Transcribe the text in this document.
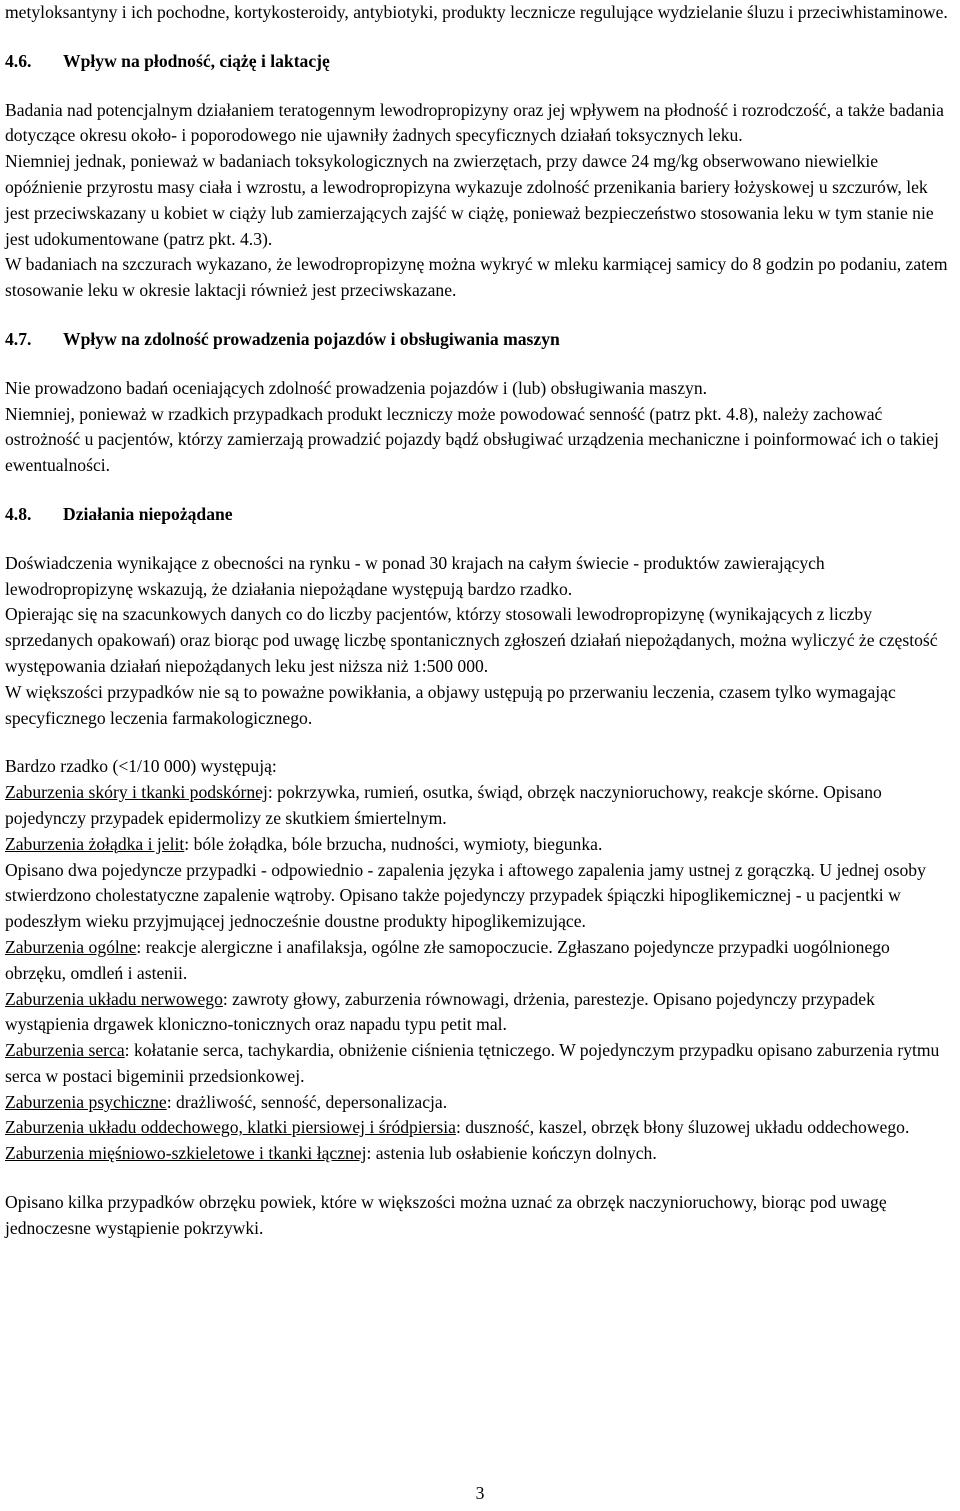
metyloksantyny i ich pochodne, kortykosteroidy, antybiotyki, produkty lecznicze regulujące wydzielanie śluzu i przeciwhistaminowe.

4.6. Wpływ na płodność, ciążę i laktację

Badania nad potencjalnym działaniem teratogennym lewodropropizyny oraz jej wpływem na płodność i rozrodczość, a także badania dotyczące okresu około- i poporodowego nie ujawniły żadnych specyficznych działań toksycznych leku.

Niemniej jednak, ponieważ w badaniach toksykologicznych na zwierzętach, przy dawce 24 mg/kg obserwowano niewielkie opóźnienie przyrostu masy ciała i wzrostu, a lewodropropizyna wykazuje zdolność przenikania bariery łożyskowej u szczurów, lek jest przeciwskazany u kobiet w ciąży lub zamierzających zajść w ciążę, ponieważ bezpieczeństwo stosowania leku w tym stanie nie jest udokumentowane (patrz pkt. 4.3).

W badaniach na szczurach wykazano, że lewodropropizynę można wykryć w mleku karmiącej samicy do 8 godzin po podaniu, zatem stosowanie leku w okresie laktacji również jest przeciwskazane.

4.7. Wpływ na zdolność prowadzenia pojazdów i obsługiwania maszyn

Nie prowadzono badań oceniających zdolność prowadzenia pojazdów i (lub) obsługiwania maszyn.

Niemniej, ponieważ w rzadkich przypadkach produkt leczniczy może powodować senność (patrz pkt. 4.8), należy zachować ostrożność u pacjentów, którzy zamierzają prowadzić pojazdy bądź obsługiwać urządzenia mechaniczne i poinformować ich o takiej ewentualności.

4.8. Działania niepożądane

Doświadczenia wynikające z obecności na rynku - w ponad 30 krajach na całym świecie - produktów zawierających lewodropropizynę wskazują, że działania niepożądane występują bardzo rzadko.

Opierając się na szacunkowych danych co do liczby pacjentów, którzy stosowali lewodropropizynę (wynikających z liczby sprzedanych opakowań) oraz biorąc pod uwagę liczbę spontanicznych zgłoszeń działań niepożądanych, można wyliczyć że częstość występowania działań niepożądanych leku jest niższa niż 1:500 000.

W większości przypadków nie są to poważne powikłania, a objawy ustępują po przerwaniu leczenia, czasem tylko wymagając specyficznego leczenia farmakologicznego.

Bardzo rzadko (<1/10 000) występują:

Zaburzenia skóry i tkanki podskórnej: pokrzywka, rumień, osutka, świąd, obrzęk naczynioruchowy, reakcje skórne. Opisano pojedynczy przypadek epidermolizy ze skutkiem śmiertelnym.

Zaburzenia żołądka i jelit: bóle żołądka, bóle brzucha, nudności, wymioty, biegunka.

Opisano dwa pojedyncze przypadki - odpowiednio - zapalenia języka i aftowego zapalenia jamy ustnej z gorączką. U jednej osoby stwierdzono cholestatyczne zapalenie wątroby. Opisano także pojedynczy przypadek śpiączki hipoglikemicznej - u pacjentki w podeszłym wieku przyjmującej jednocześnie doustne produkty hipoglikemizujące.

Zaburzenia ogólne: reakcje alergiczne i anafilaksja, ogólne złe samopoczucie. Zgłaszano pojedyncze przypadki uogólnionego obrzęku, omdleń i astenii.

Zaburzenia układu nerwowego: zawroty głowy, zaburzenia równowagi, drżenia, parestezje. Opisano pojedynczy przypadek wystąpienia drgawek kloniczno-tonicznych oraz napadu typu petit mal.

Zaburzenia serca: kołatanie serca, tachykardia, obniżenie ciśnienia tętniczego. W pojedynczym przypadku opisano zaburzenia rytmu serca w postaci bigeminii przedsionkowej.

Zaburzenia psychiczne: drażliwość, senność, depersonalizacja.

Zaburzenia układu oddechowego, klatki piersiowej i śródpiersia: duszność, kaszel, obrzęk błony śluzowej układu oddechowego.

Zaburzenia mięśniowo-szkieletowe i tkanki łącznej: astenia lub osłabienie kończyn dolnych.

Opisano kilka przypadków obrzęku powiek, które w większości można uznać za obrzęk naczynioruchowy, biorąc pod uwagę jednoczesne wystąpienie pokrzywki.

3
